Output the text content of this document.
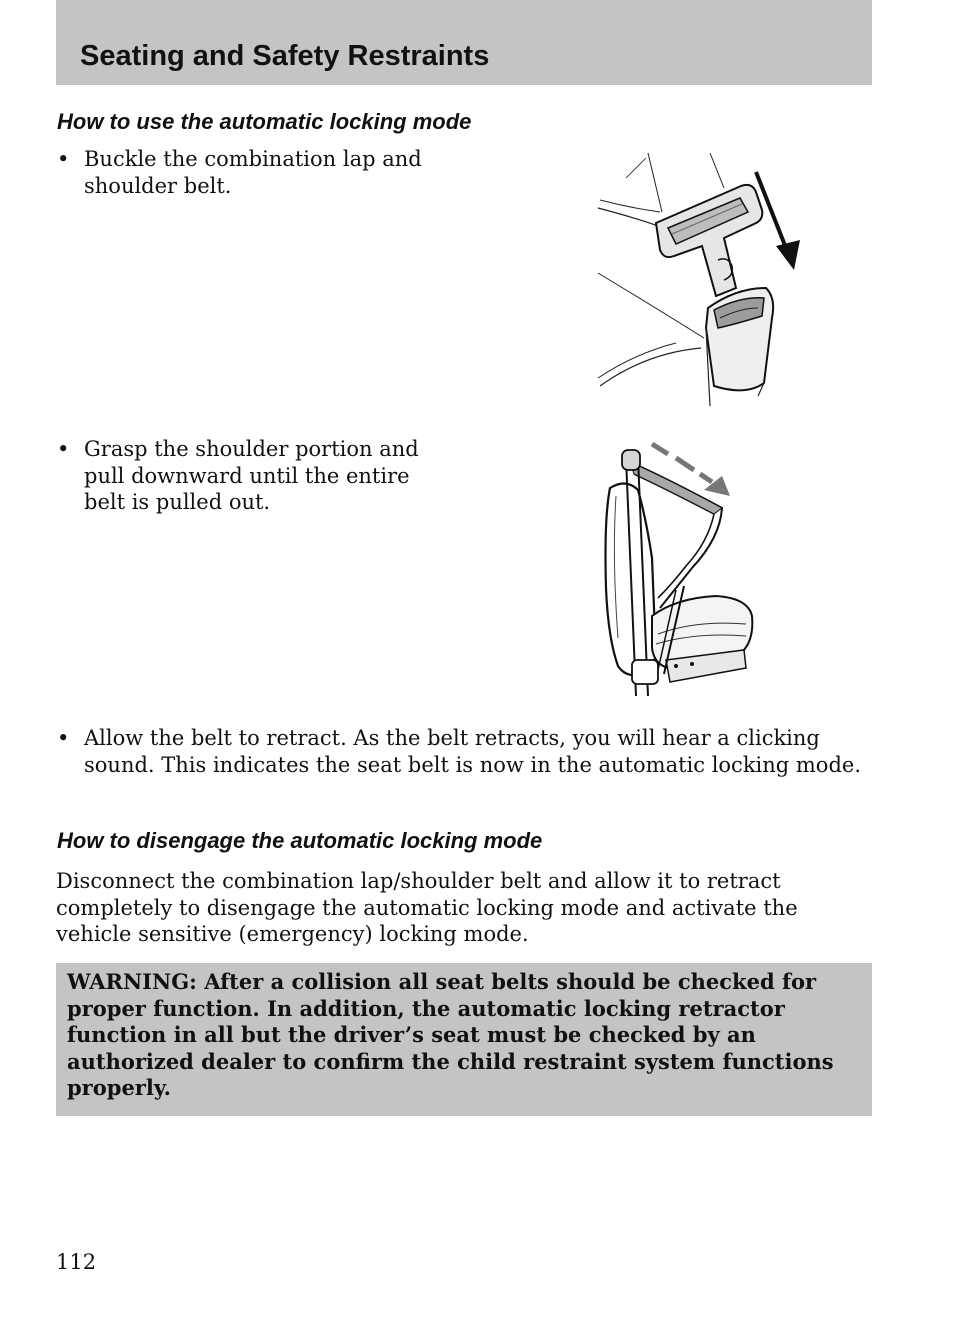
Seating and Safety Restraints
How to use the automatic locking mode
• Buckle the combination lap and shoulder belt.
• Grasp the shoulder portion and pull downward until the entire belt is pulled out.
• Allow the belt to retract. As the belt retracts, you will hear a clicking sound. This indicates the seat belt is now in the automatic locking mode.
How to disengage the automatic locking mode

Disconnect the combination lap/shoulder belt and allow it to retract completely to disengage the automatic locking mode and activate the vehicle sensitive (emergency) locking mode.

WARNING: After a collision all seat belts should be checked for proper function. In addition, the automatic locking retractor function in all but the driver’s seat must be checked by an authorized dealer to confirm the child restraint system functions properly.
112
